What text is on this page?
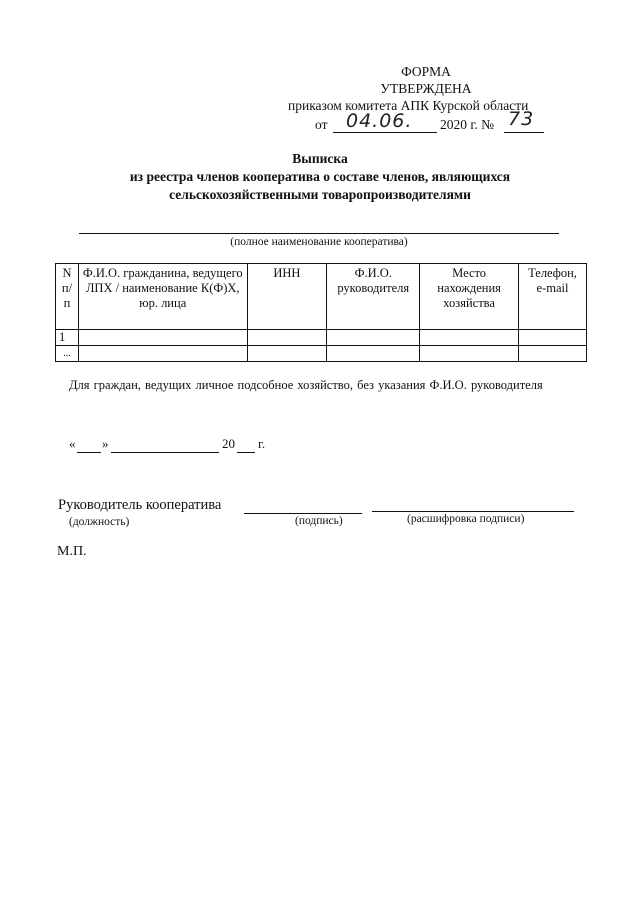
ФОРМА
УТВЕРЖДЕНА
приказом комитета АПК Курской области
от 04.06. 2020 г. № 73
Выписка
из реестра членов кооператива о составе членов, являющихся
сельскохозяйственными товаропроизводителями
(полное наименование кооператива)
N п/п	Ф.И.О. гражданина, ведущего ЛПХ / наименование К(Ф)Х, юр. лица	ИНН	Ф.И.О. руководителя	Место нахождения хозяйства	Телефон, e-mail
1					
...					
Для граждан, ведущих личное подсобное хозяйство, без указания Ф.И.О. руководителя
« »	20 г.
Руководитель кооператива
(должность)	(подпись)	(расшифровка подписи)
М.П.
